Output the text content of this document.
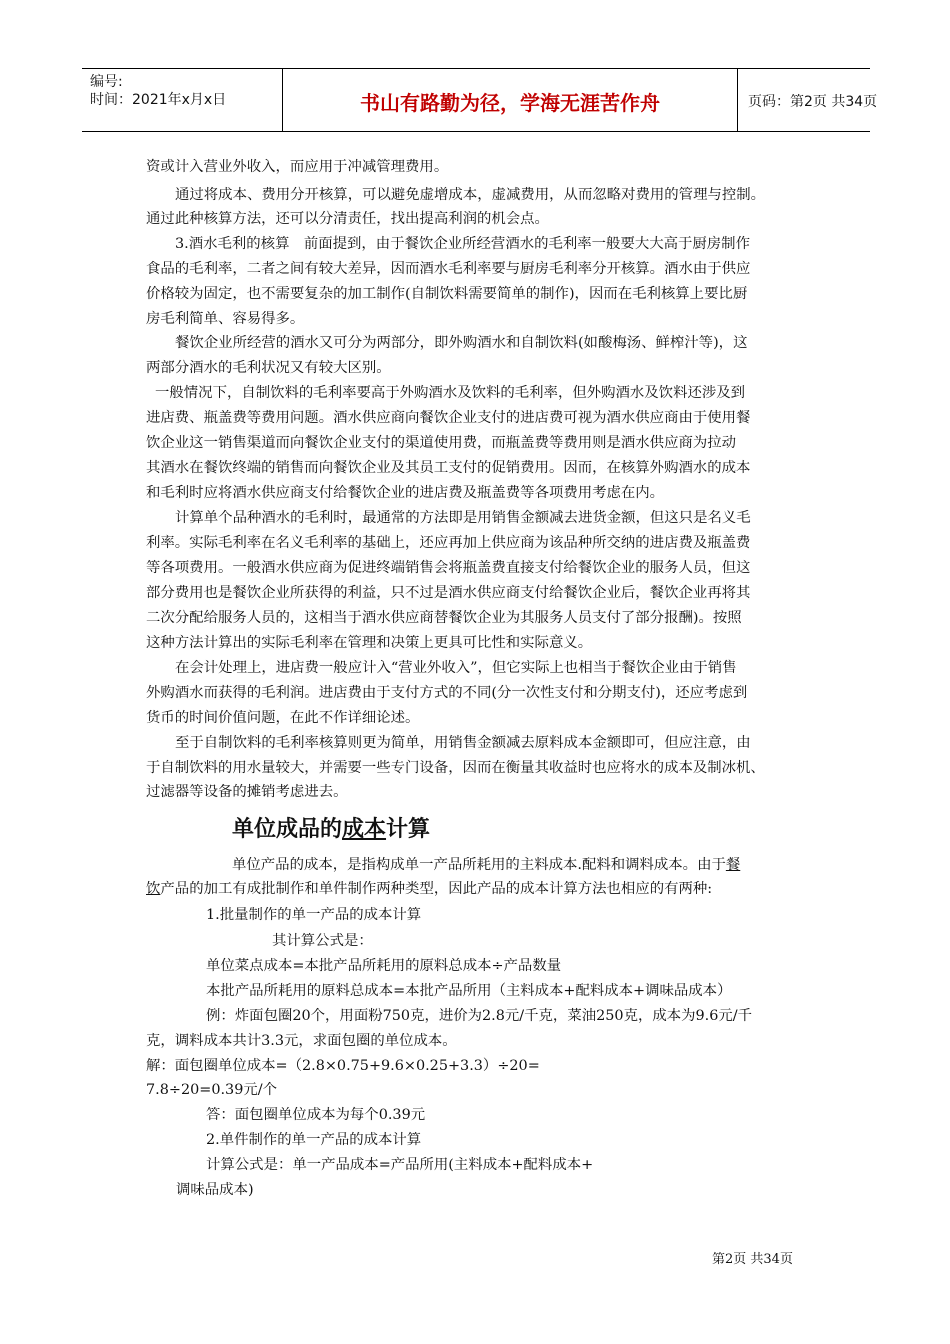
编号:
时间：2021年x月x日	书山有路勤为径，学海无涯苦作舟	页码：第2页 共34页
资或计入营业外收入，而应用于冲减管理费用。
通过将成本、费用分开核算，可以避免虚增成本，虚减费用，从而忽略对费用的管理与控制。
通过此种核算方法，还可以分清责任，找出提高利润的机会点。
3.酒水毛利的核算　前面提到，由于餐饮企业所经营酒水的毛利率一般要大大高于厨房制作
食品的毛利率，二者之间有较大差异，因而酒水毛利率要与厨房毛利率分开核算。酒水由于供应
价格较为固定，也不需要复杂的加工制作(自制饮料需要简单的制作)，因而在毛利核算上要比厨
房毛利简单、容易得多。
餐饮企业所经营的酒水又可分为两部分，即外购酒水和自制饮料(如酸梅汤、鲜榨汁等)，这
两部分酒水的毛利状况又有较大区别。
一般情况下，自制饮料的毛利率要高于外购酒水及饮料的毛利率，但外购酒水及饮料还涉及到
进店费、瓶盖费等费用问题。酒水供应商向餐饮企业支付的进店费可视为酒水供应商由于使用餐
饮企业这一销售渠道而向餐饮企业支付的渠道使用费，而瓶盖费等费用则是酒水供应商为拉动
其酒水在餐饮终端的销售而向餐饮企业及其员工支付的促销费用。因而，在核算外购酒水的成本
和毛利时应将酒水供应商支付给餐饮企业的进店费及瓶盖费等各项费用考虑在内。
计算单个品种酒水的毛利时，最通常的方法即是用销售金额减去进货金额，但这只是名义毛
利率。实际毛利率在名义毛利率的基础上，还应再加上供应商为该品种所交纳的进店费及瓶盖费
等各项费用。一般酒水供应商为促进终端销售会将瓶盖费直接支付给餐饮企业的服务人员，但这
部分费用也是餐饮企业所获得的利益，只不过是酒水供应商支付给餐饮企业后，餐饮企业再将其
二次分配给服务人员的，这相当于酒水供应商替餐饮企业为其服务人员支付了部分报酬)。按照
这种方法计算出的实际毛利率在管理和决策上更具可比性和实际意义。
在会计处理上，进店费一般应计入“营业外收入”，但它实际上也相当于餐饮企业由于销售
外购酒水而获得的毛利润。进店费由于支付方式的不同(分一次性支付和分期支付)，还应考虑到
货币的时间价值问题，在此不作详细论述。
至于自制饮料的毛利率核算则更为简单，用销售金额减去原料成本金额即可，但应注意，由
于自制饮料的用水量较大，并需要一些专门设备，因而在衡量其收益时也应将水的成本及制冰机、
过滤器等设备的摊销考虑进去。
单位成品的成本计算
单位产品的成本，是指构成单一产品所耗用的主料成本.配料和调料成本。由于餐
饮产品的加工有成批制作和单件制作两种类型，因此产品的成本计算方法也相应的有两种:
1.批量制作的单一产品的成本计算
其计算公式是：
单位菜点成本=本批产品所耗用的原料总成本÷产品数量
本批产品所耗用的原料总成本=本批产品所用（主料成本+配料成本+调味品成本）
例：炸面包圈20个，用面粉750克，进价为2.8元/千克，菜油250克，成本为9.6元/千
克，调料成本共计3.3元，求面包圈的单位成本。
解：面包圈单位成本=（2.8×0.75+9.6×0.25+3.3）÷20=
7.8÷20=0.39元/个
答：面包圈单位成本为每个0.39元
2.单件制作的单一产品的成本计算
计算公式是：单一产品成本=产品所用(主料成本+配料成本+
调味品成本)
第2页 共34页
